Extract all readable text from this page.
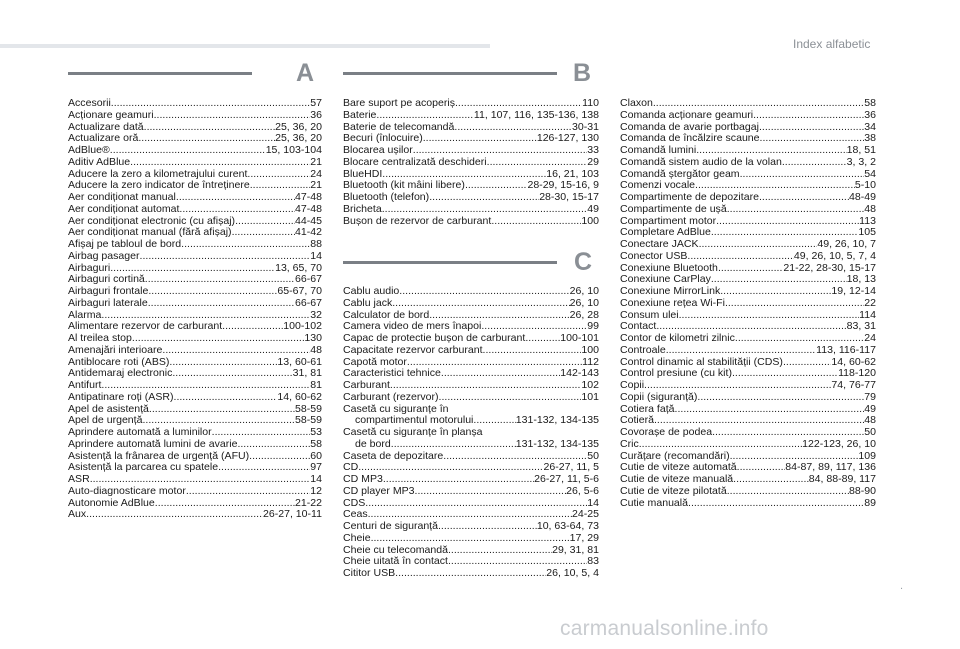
Index alfabetic
A
Accesorii .....	57
Acționare geamuri .....	36
Actualizare dată .....	25, 36, 20
Actualizare oră .....	25, 36, 20
AdBlue® .....	15, 103-104
Aditiv AdBlue .....	21
Aducere la zero a kilometrajului curent .....	24
Aducere la zero indicator de întreținere .....	21
Aer condiționat manual .....	47-48
Aer condiționat automat .....	47-48
Aer condiționat electronic (cu afișaj) .....	44-45
Aer condiționat manual (fără afișaj) .....	41-42
Afișaj pe tabloul de bord .....	88
Airbag pasager .....	14
Airbaguri .....	13, 65, 70
Airbaguri cortină .....	66-67
Airbaguri frontale .....	65-67, 70
Airbaguri laterale .....	66-67
Alarma .....	32
Alimentare rezervor de carburant .....	100-102
Al treilea stop .....	130
Amenajări interioare .....	48
Antiblocare roti (ABS) .....	13, 60-61
Antidemaraj electronic .....	31, 81
Antifurt .....	81
Antipatinare roți (ASR) .....	14, 60-62
Apel de asistență .....	58-59
Apel de urgență .....	58-59
Aprindere automată a luminilor .....	53
Aprindere automată lumini de avarie .....	58
Asistență la frânarea de urgență (AFU) .....	60
Asistență la parcarea cu spatele .....	97
ASR .....	14
Auto-diagnosticare motor .....	12
Autonomie AdBlue .....	21-22
Aux. .....	26-27, 10-11
B
Bare suport pe acoperiș .....	110
Baterie .....	11, 107, 116, 135-136, 138
Baterie de telecomandă .....	30-31
Becuri (înlocuire) .....	126-127, 130
Blocarea ușilor .....	33
Blocare centralizată deschideri .....	29
BlueHDI .....	16, 21, 103
Bluetooth (kit mâini libere) .....	28-29, 15-16, 9
Bluetooth (telefon) .....	28-30, 15-17
Bricheta .....	49
Bușon de rezervor de carburant .....	100
C
Cablu audio .....	26, 10
Cablu jack .....	26, 10
Calculator de bord .....	26, 28
Camera video de mers înapoi .....	99
Capac de protectie bușon de carburant .....	100-101
Capacitate rezervor carburant .....	100
Capotă motor .....	112
Caracteristici tehnice .....	142-143
Carburant .....	102
Carburant (rezervor) .....	101
Casetă cu siguranțe în
compartimentul motorului .....	131-132, 134-135
Casetă cu siguranțe în planșa
de bord .....	131-132, 134-135
Caseta de depozitare .....	50
CD .....	26-27, 11, 5
CD MP3 .....	26-27, 11, 5-6
CD player MP3 .....	26, 5-6
CDS .....	14
Ceas .....	24-25
Centuri de siguranță .....	10, 63-64, 73
Cheie .....	17, 29
Cheie cu telecomandă .....	29, 31, 81
Cheie uitată în contact .....	83
Cititor USB .....	26, 10, 5, 4
Claxon .....	58
Comanda acționare geamuri .....	36
Comanda de avarie portbagaj .....	34
Comanda de încălzire scaune .....	38
Comandă lumini .....	18, 51
Comandă sistem audio de la volan .....	3, 3, 2
Comandă ștergător geam .....	54
Comenzi vocale .....	5-10
Compartimente de depozitare .....	48-49
Compartimente de ușă .....	48
Compartiment motor .....	113
Completare AdBlue .....	105
Conectare JACK .....	49, 26, 10, 7
Conector USB .....	49, 26, 10, 5, 7, 4
Conexiune Bluetooth .....	21-22, 28-30, 15-17
Conexiune CarPlay .....	18, 13
Conexiune MirrorLink .....	19, 12-14
Conexiune rețea Wi-Fi .....	22
Consum ulei .....	114
Contact .....	83, 31
Contor de kilometri zilnic .....	24
Controale .....	113, 116-117
Control dinamic al stabilității (CDS) .....	14, 60-62
Control presiune (cu kit) .....	118-120
Copii .....	74, 76-77
Copii (siguranță) .....	79
Cotiera față .....	49
Cotieră .....	48
Covorașe de podea .....	50
Cric .....	122-123, 26, 10
Curățare (recomandări) .....	109
Cutie de viteze automată .....	84-87, 89, 117, 136
Cutie de viteze manuală .....	84, 88-89, 117
Cutie de viteze pilotată .....	88-90
Cutie manuală .....	89
.
carmanualsonline.info
